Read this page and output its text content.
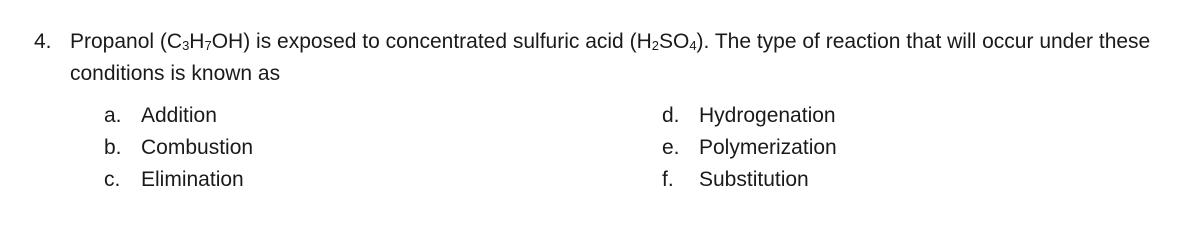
4. Propanol $(C_3H_7OH)$ is exposed to concentrated sulfuric acid $(H_2SO_4)$. The type of reaction that will occur under these conditions is known as
a. Addition
b. Combustion
c. Elimination
d. Hydrogenation
e. Polymerization
f.	Substitution
